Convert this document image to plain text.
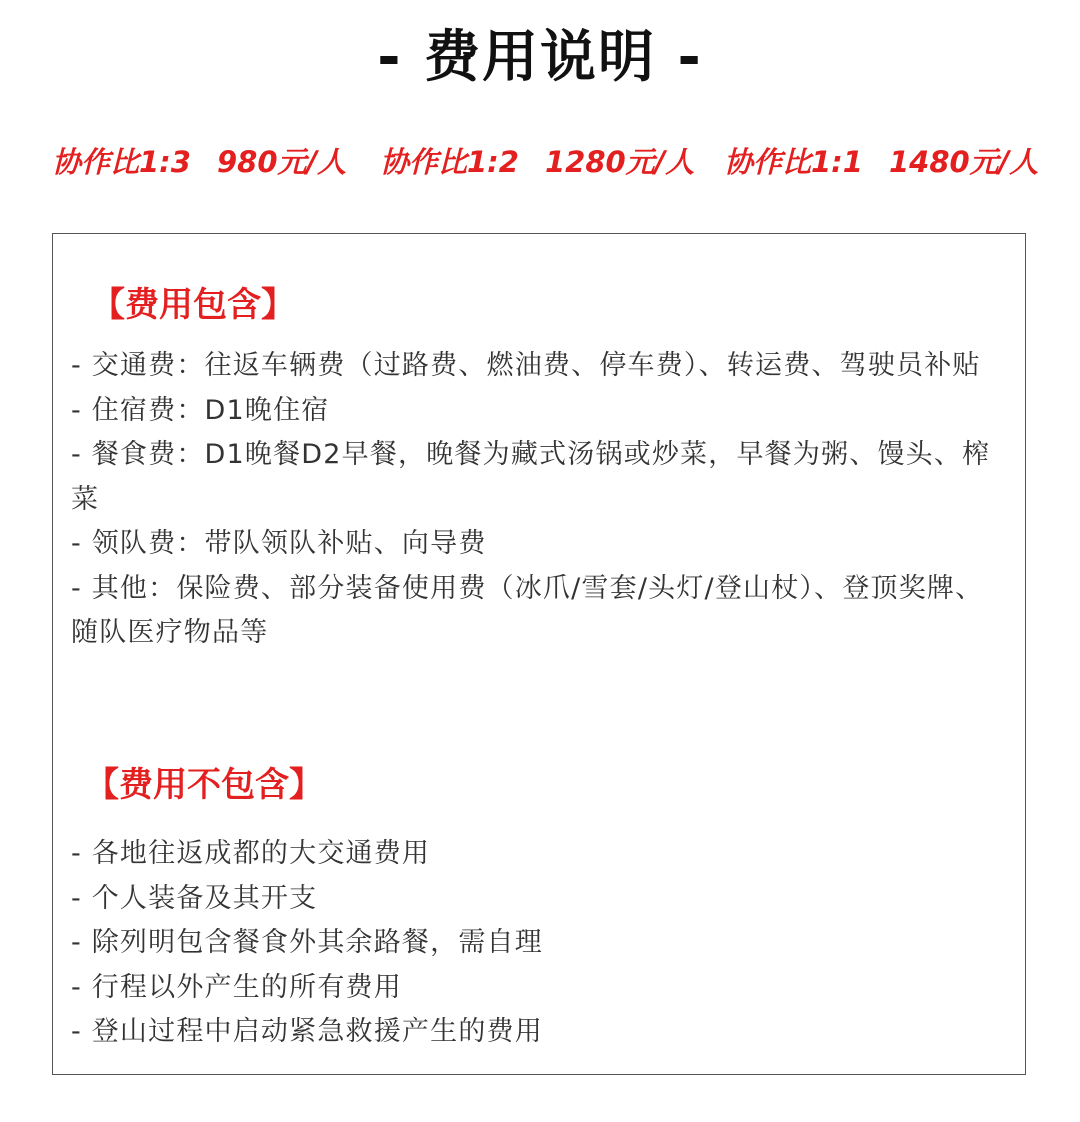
- 费用说明 -
协作比1:3 980元/人 协作比1:2 1280元/人 协作比1:1 1480元/人
【费用包含】
- 交通费：往返车辆费（过路费、燃油费、停车费）、转运费、驾驶员补贴
- 住宿费：D1晚住宿
- 餐食费：D1晚餐D2早餐，晚餐为藏式汤锅或炒菜，早餐为粥、馒头、榨菜
- 领队费：带队领队补贴、向导费
- 其他：保险费、部分装备使用费（冰爪/雪套/头灯/登山杖）、登顶奖牌、随队医疗物品等
【费用不包含】
- 各地往返成都的大交通费用
- 个人装备及其开支
- 除列明包含餐食外其余路餐，需自理
- 行程以外产生的所有费用
- 登山过程中启动紧急救援产生的费用
